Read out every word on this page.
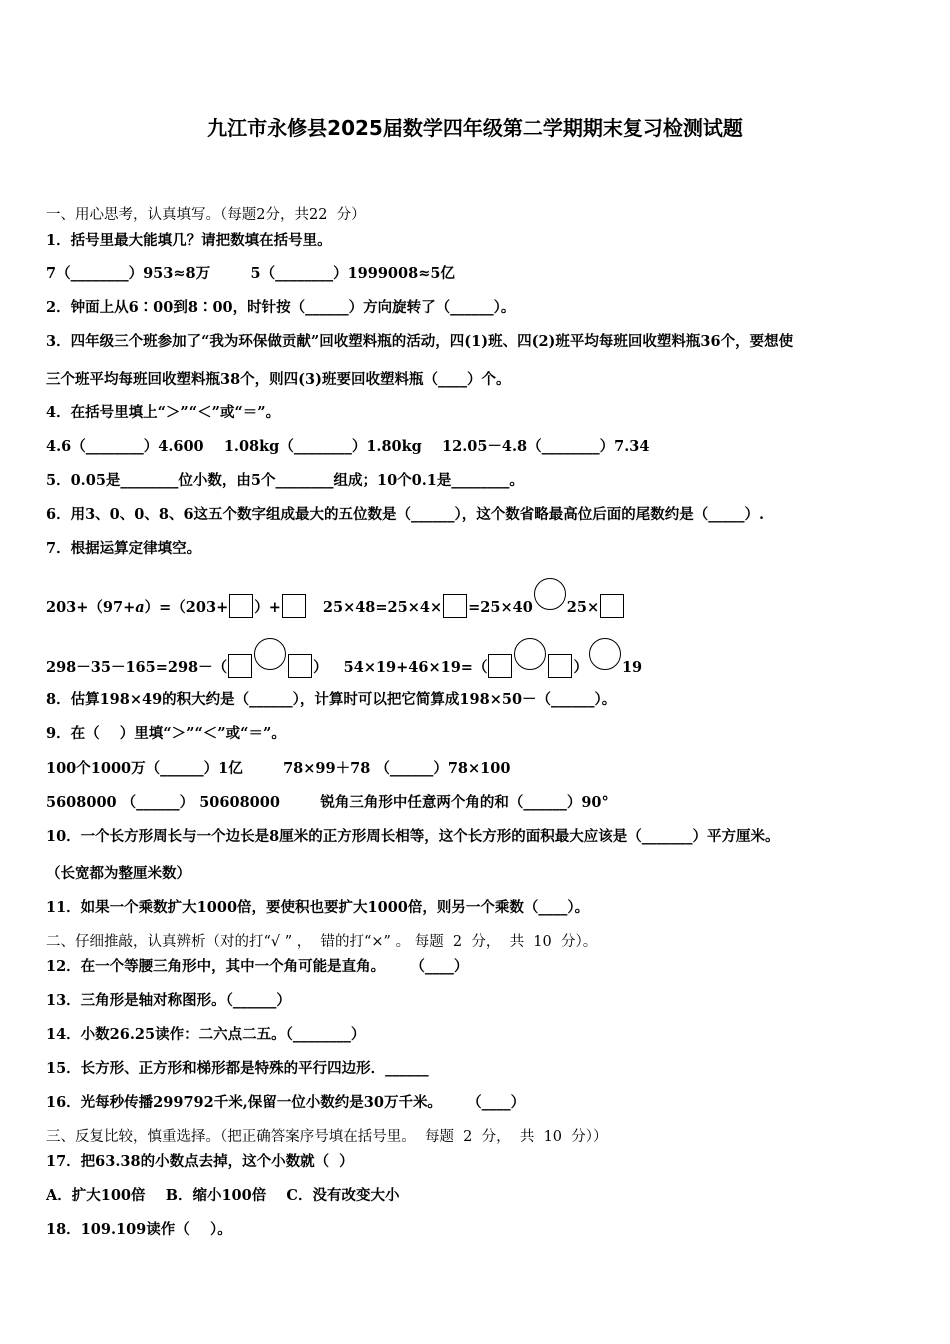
九江市永修县2025届数学四年级第二学期期末复习检测试题
一、用心思考，认真填写。（每题2分，共22  分）
1．括号里最大能填几？请把数填在括号里。
7（________）953≈8万        5（________）1999008≈5亿
2．钟面上从6∶00到8∶00，时针按（______）方向旋转了（______）。
3．四年级三个班参加了“我为环保做贡献”回收塑料瓶的活动，四(1)班、四(2)班平均每班回收塑料瓶36个，要想使
三个班平均每班回收塑料瓶38个，则四(3)班要回收塑料瓶（____）个。
4．在括号里填上“＞”“＜”或“＝”。
4.6（________）4.600    1.08kg（________）1.80kg    12.05－4.8（________）7.34
5．0.05是________位小数，由5个________组成；10个0.1是________。
6．用3、0、0、8、6这五个数字组成最大的五位数是（______），这个数省略最高位后面的尾数约是（_____）.
7．根据运算定律填空。
203+（97+a）=（203+ ）+	25×48=25×4× =25×40 25×
298－35－165=298－（	） 54×19+46×19=（	） 19
8．估算198×49的积大约是（______），计算时可以把它简算成198×50－（______）。
9．在（    ）里填“＞”“＜”或“＝”。
100个1000万（______）1亿        78×99＋78 （______）78×100
5608000 （______） 50608000        锐角三角形中任意两个角的和（______）90°
10．一个长方形周长与一个边长是8厘米的正方形周长相等，这个长方形的面积最大应该是（_______）平方厘米。
（长宽都为整厘米数）
11．如果一个乘数扩大1000倍，要使积也要扩大1000倍，则另一个乘数（____）。
二、仔细推敲，认真辨析（对的打“√ ” ，  错的打“×” 。 每题  2  分，  共  10  分）。
12．在一个等腰三角形中，其中一个角可能是直角。     （____）
13．三角形是轴对称图形。（______）
14．小数26.25读作：二六点二五。（________）
15．长方形、正方形和梯形都是特殊的平行四边形．______
16．光每秒传播299792千米,保留一位小数约是30万千米。     （____）
三、反复比较，慎重选择。（把正确答案序号填在括号里。  每题  2  分，  共  10  分））
17．把63.38的小数点去掉，这个小数就（  ）
A．扩大100倍    B．缩小100倍    C．没有改变大小
18．109.109读作（    ）。
